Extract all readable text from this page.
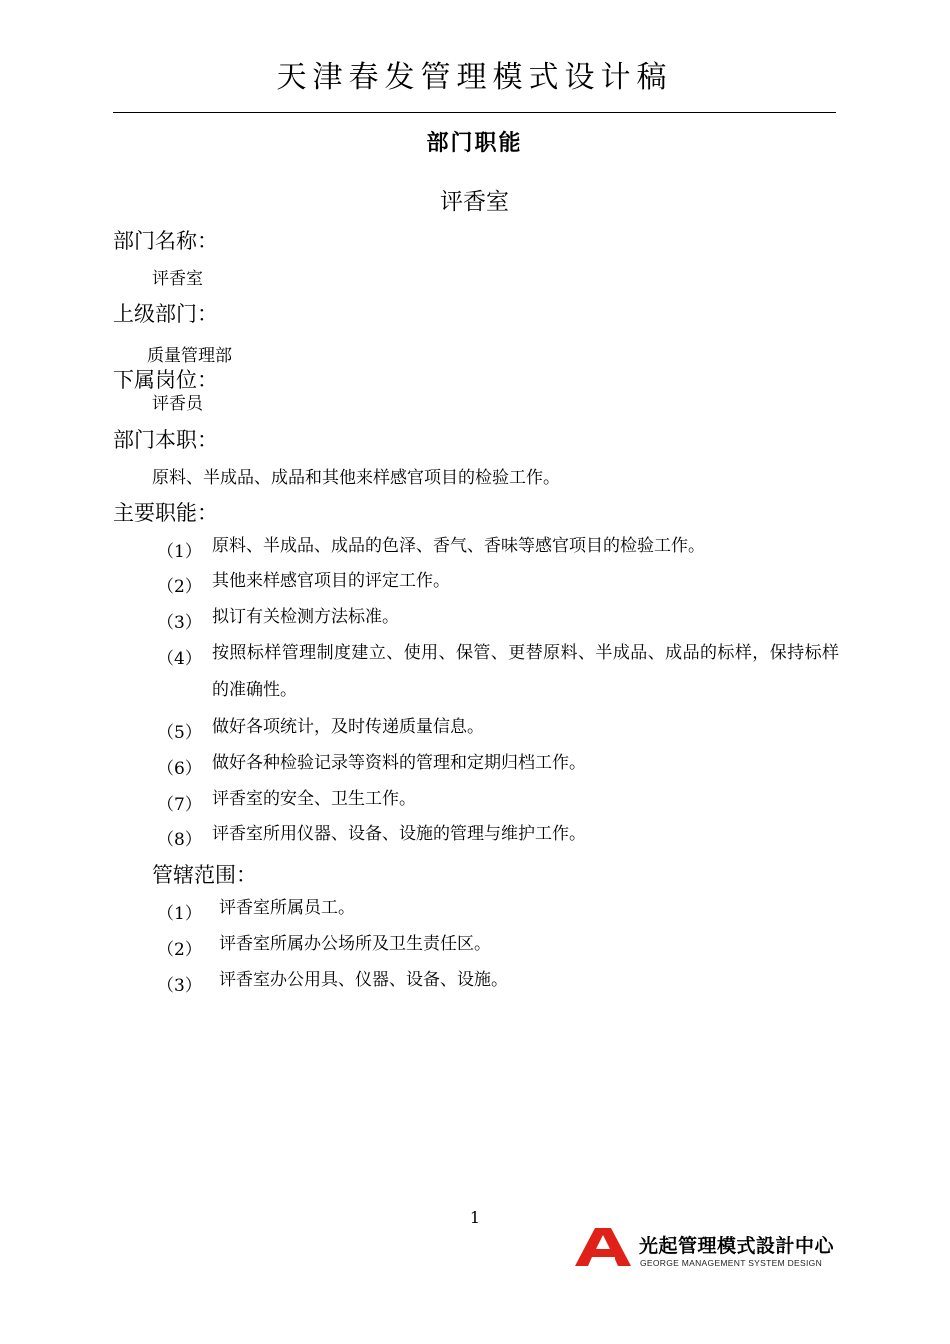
天津春发管理模式设计稿
部门职能
评香室
部门名称：
评香室
上级部门：
质量管理部
下属岗位：
评香员
部门本职：
原料、半成品、成品和其他来样感官项目的检验工作。
主要职能：
（1） 原料、半成品、成品的色泽、香气、香味等感官项目的检验工作。
（2） 其他来样感官项目的评定工作。
（3） 拟订有关检测方法标准。
（4） 按照标样管理制度建立、使用、保管、更替原料、半成品、成品的标样，保持标样的准确性。
（5） 做好各项统计，及时传递质量信息。
（6） 做好各种检验记录等资料的管理和定期归档工作。
（7） 评香室的安全、卫生工作。
（8） 评香室所用仪器、设备、设施的管理与维护工作。
管辖范围：
（1） 评香室所属员工。
（2） 评香室所属办公场所及卫生责任区。
（3） 评香室办公用具、仪器、设备、设施。
1
光起管理模式設計中心
GEORGE MANAGEMENT SYSTEM DESIGN
